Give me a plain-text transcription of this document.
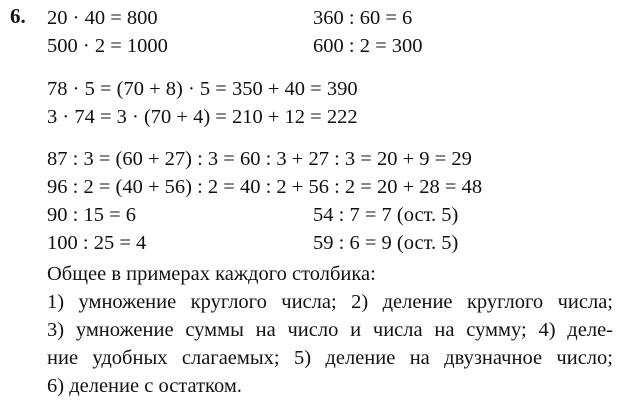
6. 20 · 40 = 800
500 · 2 = 1000
360 : 60 = 6
600 : 2 = 300
78 · 5 = (70 + 8) · 5 = 350 + 40 = 390
3 · 74 = 3 · (70 + 4) = 210 + 12 = 222
87 : 3 = (60 + 27) : 3 = 60 : 3 + 27 : 3 = 20 + 9 = 29
96 : 2 = (40 + 56) : 2 = 40 : 2 + 56 : 2 = 20 + 28 = 48
90 : 15 = 6
100 : 25 = 4
54 : 7 = 7 (ост. 5)
59 : 6 = 9 (ост. 5)
Общее в примерах каждого столбика:
1) умножение круглого числа; 2) деление круглого числа;
3) умножение суммы на число и числа на сумму; 4) деле-
ние удобных слагаемых; 5) деление на двузначное число;
6) деление с остатком.
